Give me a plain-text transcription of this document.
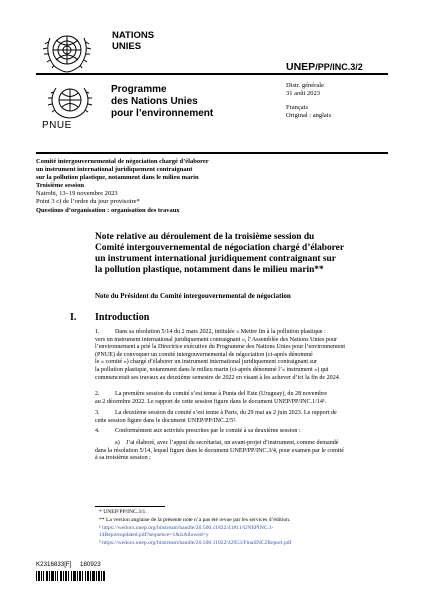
NATIONS
UNIES
UNEP/PP/INC.3/2
PNUE
Programme
des Nations Unies
pour l’environnement
Distr. générale
31 août 2023
Français
Original : anglais
Comité intergouvernemental de négociation chargé d’élaborer
un instrument international juridiquement contraignant
sur la pollution plastique, notamment dans le milieu marin
Troisième session
Nairobi, 13–19 novembre 2023
Point 3 c) de l’ordre du jour provisoire*
Questions d’organisation : organisation des travaux
Note relative au déroulement de la troisième session du
Comité intergouvernemental de négociation chargé d’élaborer
un instrument international juridiquement contraignant sur
la pollution plastique, notamment dans le milieu marin**
Note du Président du Comité intergouvernemental de négociation
I. Introduction
1.	Dans sa résolution 5/14 du 2 mars 2022, intitulée « Mettre fin à la pollution plastique :
vers un instrument international juridiquement contraignant », l’Assemblée des Nations Unies pour
l’environnement a prié la Directrice exécutive du Programme des Nations Unies pour l’environnement
(PNUE) de convoquer un comité intergouvernemental de négociation (ci-après dénommé
le « comité ») chargé d’élaborer un instrument international juridiquement contraignant sur
la pollution plastique, notamment dans le milieu marin (ci-après dénommé l’« instrument ») qui
commencerait ses travaux au deuxième semestre de 2022 en visant à les achever d’ici la fin de 2024.
2.	La première session du comité s’est tenue à Punta del Este (Uruguay), du 28 novembre
au 2 décembre 2022. Le rapport de cette session figure dans le document UNEP/PP/INC.1/14¹.
3.	La deuxième session du comité s’est tenue à Paris, du 29 mai au 2 juin 2023. Le rapport de
cette session figure dans le document UNEP/PP/INC.2/5².
4.	Conformément aux activités prescrites par le comité à sa deuxième session :
a)    J’ai élaboré, avec l’appui du secrétariat, un avant-projet d’instrument, comme demandé
dans la résolution 5/14, lequel figure dans le document UNEP/PP/INC.3/4, pour examen par le comité
à sa troisième session ;
* UNEP/PP/INC.3/1.
** La version anglaise de la présente note n’a pas été revue par les services d’édition.
¹ https://wedocs.unep.org/bitstream/handle/20.500.11822/41811/UNEPINC.1-
14Reportupdated.pdf?sequence=1&isAllowed=y
² https://wedocs.unep.org/bitstream/handle/20.500.11822/42953/FinalINC2Report.pdf
K2316833[F]     180923
